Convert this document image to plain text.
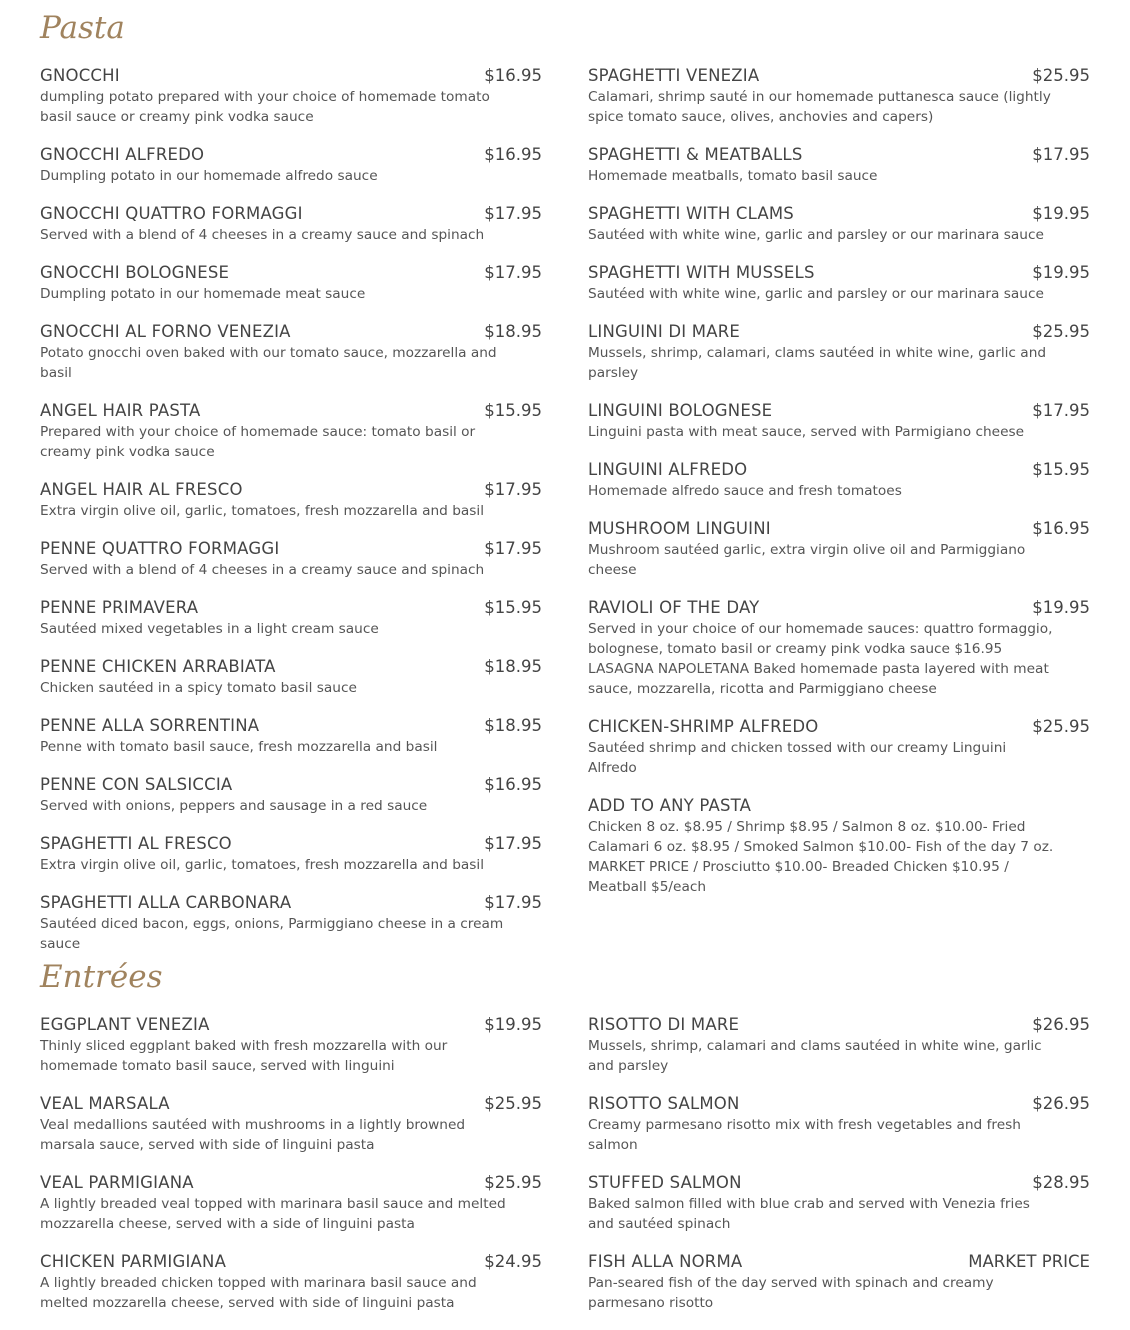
Pasta
GNOCCHI	$16.95
dumpling potato prepared with your choice of homemade tomato basil sauce or creamy pink vodka sauce
GNOCCHI ALFREDO	$16.95
Dumpling potato in our homemade alfredo sauce
GNOCCHI QUATTRO FORMAGGI	$17.95
Served with a blend of 4 cheeses in a creamy sauce and spinach
GNOCCHI BOLOGNESE	$17.95
Dumpling potato in our homemade meat sauce
GNOCCHI AL FORNO VENEZIA	$18.95
Potato gnocchi oven baked with our tomato sauce, mozzarella and basil
ANGEL HAIR PASTA	$15.95
Prepared with your choice of homemade sauce: tomato basil or creamy pink vodka sauce
ANGEL HAIR AL FRESCO	$17.95
Extra virgin olive oil, garlic, tomatoes, fresh mozzarella and basil
PENNE QUATTRO FORMAGGI	$17.95
Served with a blend of 4 cheeses in a creamy sauce and spinach
PENNE PRIMAVERA	$15.95
Sautéed mixed vegetables in a light cream sauce
PENNE CHICKEN ARRABIATA	$18.95
Chicken sautéed in a spicy tomato basil sauce
PENNE ALLA SORRENTINA	$18.95
Penne with tomato basil sauce, fresh mozzarella and basil
PENNE CON SALSICCIA	$16.95
Served with onions, peppers and sausage in a red sauce
SPAGHETTI AL FRESCO	$17.95
Extra virgin olive oil, garlic, tomatoes, fresh mozzarella and basil
SPAGHETTI ALLA CARBONARA	$17.95
Sautéed diced bacon, eggs, onions, Parmiggiano cheese in a cream sauce
SPAGHETTI VENEZIA	$25.95
Calamari, shrimp sauté in our homemade puttanesca sauce (lightly spice tomato sauce, olives, anchovies and capers)
SPAGHETTI & MEATBALLS	$17.95
Homemade meatballs, tomato basil sauce
SPAGHETTI WITH CLAMS	$19.95
Sautéed with white wine, garlic and parsley or our marinara sauce
SPAGHETTI WITH MUSSELS	$19.95
Sautéed with white wine, garlic and parsley or our marinara sauce
LINGUINI DI MARE	$25.95
Mussels, shrimp, calamari, clams sautéed in white wine, garlic and parsley
LINGUINI BOLOGNESE	$17.95
Linguini pasta with meat sauce, served with Parmigiano cheese
LINGUINI ALFREDO	$15.95
Homemade alfredo sauce and fresh tomatoes
MUSHROOM LINGUINI	$16.95
Mushroom sautéed garlic, extra virgin olive oil and Parmiggiano cheese
RAVIOLI OF THE DAY	$19.95
Served in your choice of our homemade sauces: quattro formaggio, bolognese, tomato basil or creamy pink vodka sauce $16.95 LASAGNA NAPOLETANA Baked homemade pasta layered with meat sauce, mozzarella, ricotta and Parmiggiano cheese
CHICKEN-SHRIMP ALFREDO	$25.95
Sautéed shrimp and chicken tossed with our creamy Linguini Alfredo
ADD TO ANY PASTA
Chicken 8 oz. $8.95 / Shrimp $8.95 / Salmon 8 oz. $10.00- Fried Calamari 6 oz. $8.95 / Smoked Salmon $10.00- Fish of the day 7 oz. MARKET PRICE / Prosciutto $10.00- Breaded Chicken $10.95 / Meatball $5/each
Entrées
EGGPLANT VENEZIA	$19.95
Thinly sliced eggplant baked with fresh mozzarella with our homemade tomato basil sauce, served with linguini
VEAL MARSALA	$25.95
Veal medallions sautéed with mushrooms in a lightly browned marsala sauce, served with side of linguini pasta
VEAL PARMIGIANA	$25.95
A lightly breaded veal topped with marinara basil sauce and melted mozzarella cheese, served with a side of linguini pasta
CHICKEN PARMIGIANA	$24.95
A lightly breaded chicken topped with marinara basil sauce and melted mozzarella cheese, served with side of linguini pasta
RISOTTO DI MARE	$26.95
Mussels, shrimp, calamari and clams sautéed in white wine, garlic and parsley
RISOTTO SALMON	$26.95
Creamy parmesano risotto mix with fresh vegetables and fresh salmon
STUFFED SALMON	$28.95
Baked salmon filled with blue crab and served with Venezia fries and sautéed spinach
FISH ALLA NORMA	MARKET PRICE
Pan-seared fish of the day served with spinach and creamy parmesano risotto
